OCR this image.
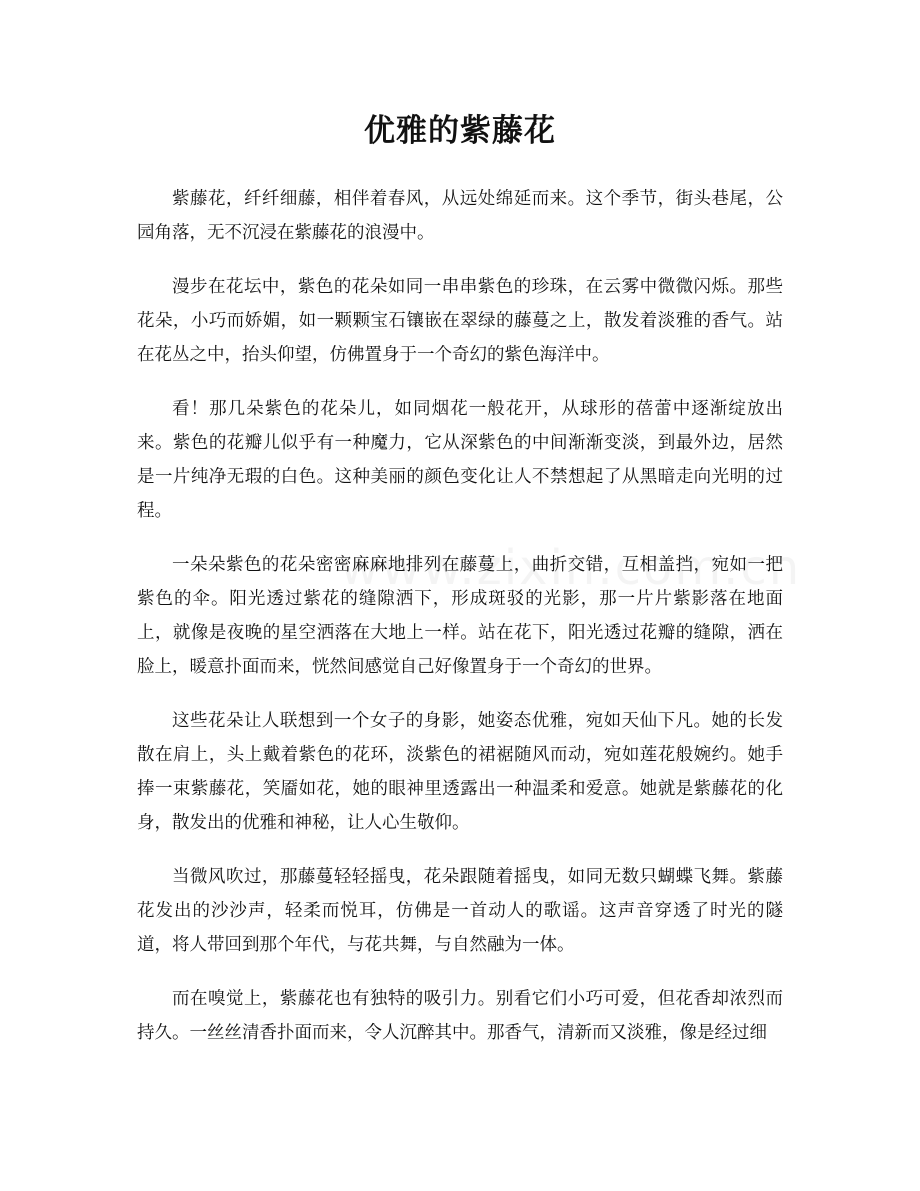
优雅的紫藤花

紫藤花，纤纤细藤，相伴着春风，从远处绵延而来。这个季节，街头巷尾，公园角落，无不沉浸在紫藤花的浪漫中。

漫步在花坛中，紫色的花朵如同一串串紫色的珍珠，在云雾中微微闪烁。那些花朵，小巧而娇媚，如一颗颗宝石镶嵌在翠绿的藤蔓之上，散发着淡雅的香气。站在花丛之中，抬头仰望，仿佛置身于一个奇幻的紫色海洋中。

看！那几朵紫色的花朵儿，如同烟花一般花开，从球形的蓓蕾中逐渐绽放出来。紫色的花瓣儿似乎有一种魔力，它从深紫色的中间渐渐变淡，到最外边，居然是一片纯净无瑕的白色。这种美丽的颜色变化让人不禁想起了从黑暗走向光明的过程。

一朵朵紫色的花朵密密麻麻地排列在藤蔓上，曲折交错，互相盖挡，宛如一把紫色的伞。阳光透过紫花的缝隙洒下，形成斑驳的光影，那一片片紫影落在地面上，就像是夜晚的星空洒落在大地上一样。站在花下，阳光透过花瓣的缝隙，洒在脸上，暖意扑面而来，恍然间感觉自己好像置身于一个奇幻的世界。

这些花朵让人联想到一个女子的身影，她姿态优雅，宛如天仙下凡。她的长发散在肩上，头上戴着紫色的花环，淡紫色的裙裾随风而动，宛如莲花般婉约。她手捧一束紫藤花，笑靥如花，她的眼神里透露出一种温柔和爱意。她就是紫藤花的化身，散发出的优雅和神秘，让人心生敬仰。

当微风吹过，那藤蔓轻轻摇曳，花朵跟随着摇曳，如同无数只蝴蝶飞舞。紫藤花发出的沙沙声，轻柔而悦耳，仿佛是一首动人的歌谣。这声音穿透了时光的隧道，将人带回到那个年代，与花共舞，与自然融为一体。

而在嗅觉上，紫藤花也有独特的吸引力。别看它们小巧可爱，但花香却浓烈而持久。一丝丝清香扑面而来，令人沉醉其中。那香气，清新而又淡雅，像是经过细
